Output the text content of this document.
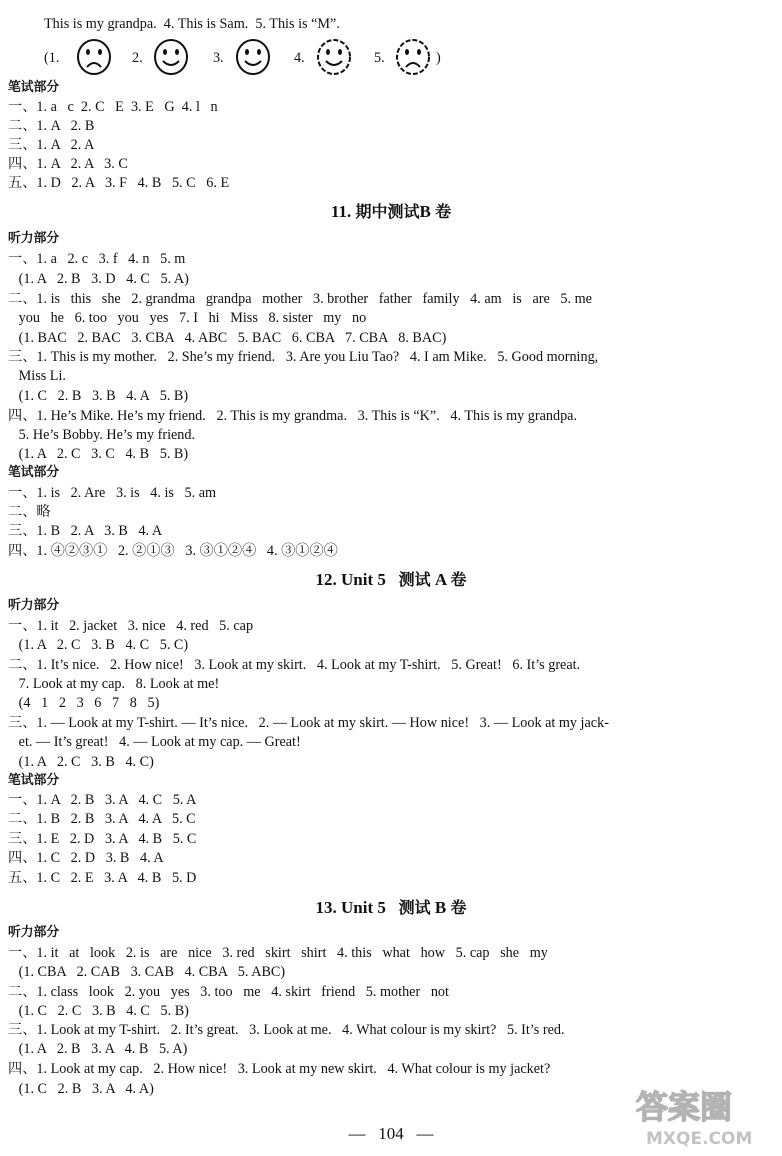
This is my grandpa.  4. This is Sam.  5. This is “M”.
(1.	2.	3.	4.	5.	)
笔试部分
一、1. a   c  2. C   E  3. E   G  4. l   n
二、1. A   2. B
三、1. A   2. A
四、1. A   2. A   3. C
五、1. D   2. A   3. F   4. B   5. C   6. E
11. 期中测试B 卷
听力部分
一、1. a   2. c   3. f   4. n   5. m
(1. A   2. B   3. D   4. C   5. A)
二、1. is   this   she   2. grandma   grandpa   mother   3. brother   father   family   4. am   is   are   5. me
you   he   6. too   you   yes   7. I   hi   Miss   8. sister   my   no
(1. BAC   2. BAC   3. CBA   4. ABC   5. BAC   6. CBA   7. CBA   8. BAC)
三、1. This is my mother.   2. She’s my friend.   3. Are you Liu Tao?   4. I am Mike.   5. Good morning,
Miss Li.
(1. C   2. B   3. B   4. A   5. B)
四、1. He’s Mike. He’s my friend.   2. This is my grandma.   3. This is “K”.   4. This is my grandpa.
5. He’s Bobby. He’s my friend.
(1. A   2. C   3. C   4. B   5. B)
笔试部分
一、1. is   2. Are   3. is   4. is   5. am
二、略
三、1. B   2. A   3. B   4. A
四、1. ④②③①   2. ②①③   3. ③①②④   4. ③①②④
12. Unit 5 测试 A 卷
听力部分
一、1. it   2. jacket   3. nice   4. red   5. cap
(1. A   2. C   3. B   4. C   5. C)
二、1. It’s nice.   2. How nice!   3. Look at my skirt.   4. Look at my T-shirt.   5. Great!   6. It’s great.
7. Look at my cap.   8. Look at me!
(4   1   2   3   6   7   8   5)
三、1. — Look at my T-shirt. — It’s nice.   2. — Look at my skirt. — How nice!   3. — Look at my jack-
et. — It’s great!   4. — Look at my cap. — Great!
(1. A   2. C   3. B   4. C)
笔试部分
一、1. A   2. B   3. A   4. C   5. A
二、1. B   2. B   3. A   4. A   5. C
三、1. E   2. D   3. A   4. B   5. C
四、1. C   2. D   3. B   4. A
五、1. C   2. E   3. A   4. B   5. D
13. Unit 5 测试 B 卷
听力部分
一、1. it   at   look   2. is   are   nice   3. red   skirt   shirt   4. this   what   how   5. cap   she   my
(1. CBA   2. CAB   3. CAB   4. CBA   5. ABC)
二、1. class   look   2. you   yes   3. too   me   4. skirt   friend   5. mother   not
(1. C   2. C   3. B   4. C   5. B)
三、1. Look at my T-shirt.   2. It’s great.   3. Look at me.   4. What colour is my skirt?   5. It’s red.
(1. A   2. B   3. A   4. B   5. A)
四、1. Look at my cap.   2. How nice!   3. Look at my new skirt.   4. What colour is my jacket?
(1. C   2. B   3. A   4. A)
—   104   —
答案圈
MXQE.COM
